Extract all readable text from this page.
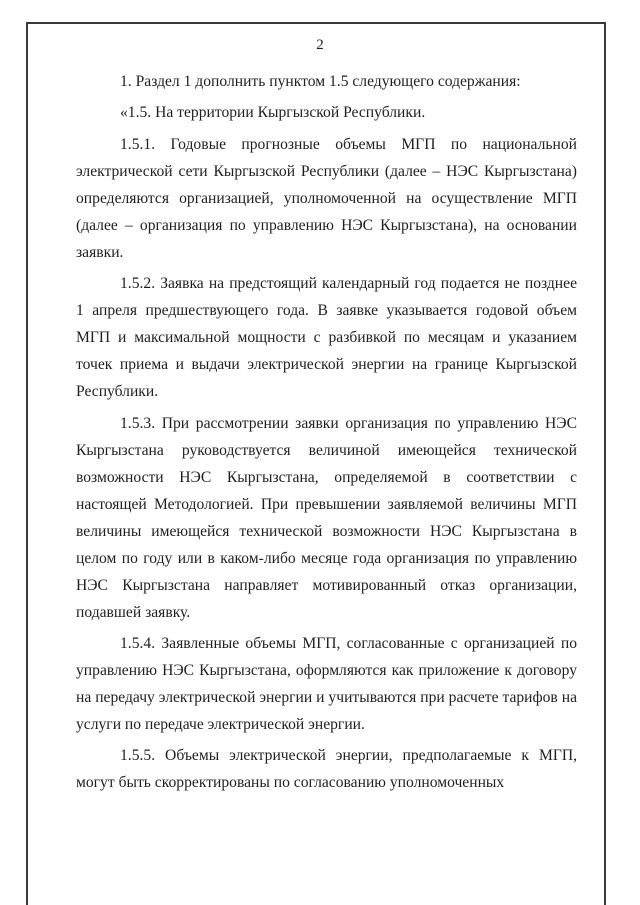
2

1. Раздел 1 дополнить пунктом 1.5 следующего содержания:

«1.5. На территории Кыргызской Республики.

1.5.1. Годовые прогнозные объемы МГП по национальной электрической сети Кыргызской Республики (далее – НЭС Кыргызстана) определяются организацией, уполномоченной на осуществление МГП (далее – организация по управлению НЭС Кыргызстана), на основании заявки.

1.5.2. Заявка на предстоящий календарный год подается не позднее 1 апреля предшествующего года. В заявке указывается годовой объем МГП и максимальной мощности с разбивкой по месяцам и указанием точек приема и выдачи электрической энергии на границе Кыргызской Республики.

1.5.3. При рассмотрении заявки организация по управлению НЭС Кыргызстана руководствуется величиной имеющейся технической возможности НЭС Кыргызстана, определяемой в соответствии с настоящей Методологией. При превышении заявляемой величины МГП величины имеющейся технической возможности НЭС Кыргызстана в целом по году или в каком-либо месяце года организация по управлению НЭС Кыргызстана направляет мотивированный отказ организации, подавшей заявку.

1.5.4. Заявленные объемы МГП, согласованные с организацией по управлению НЭС Кыргызстана, оформляются как приложение к договору на передачу электрической энергии и учитываются при расчете тарифов на услуги по передаче электрической энергии.

1.5.5. Объемы электрической энергии, предполагаемые к МГП, могут быть скорректированы по согласованию уполномоченных
